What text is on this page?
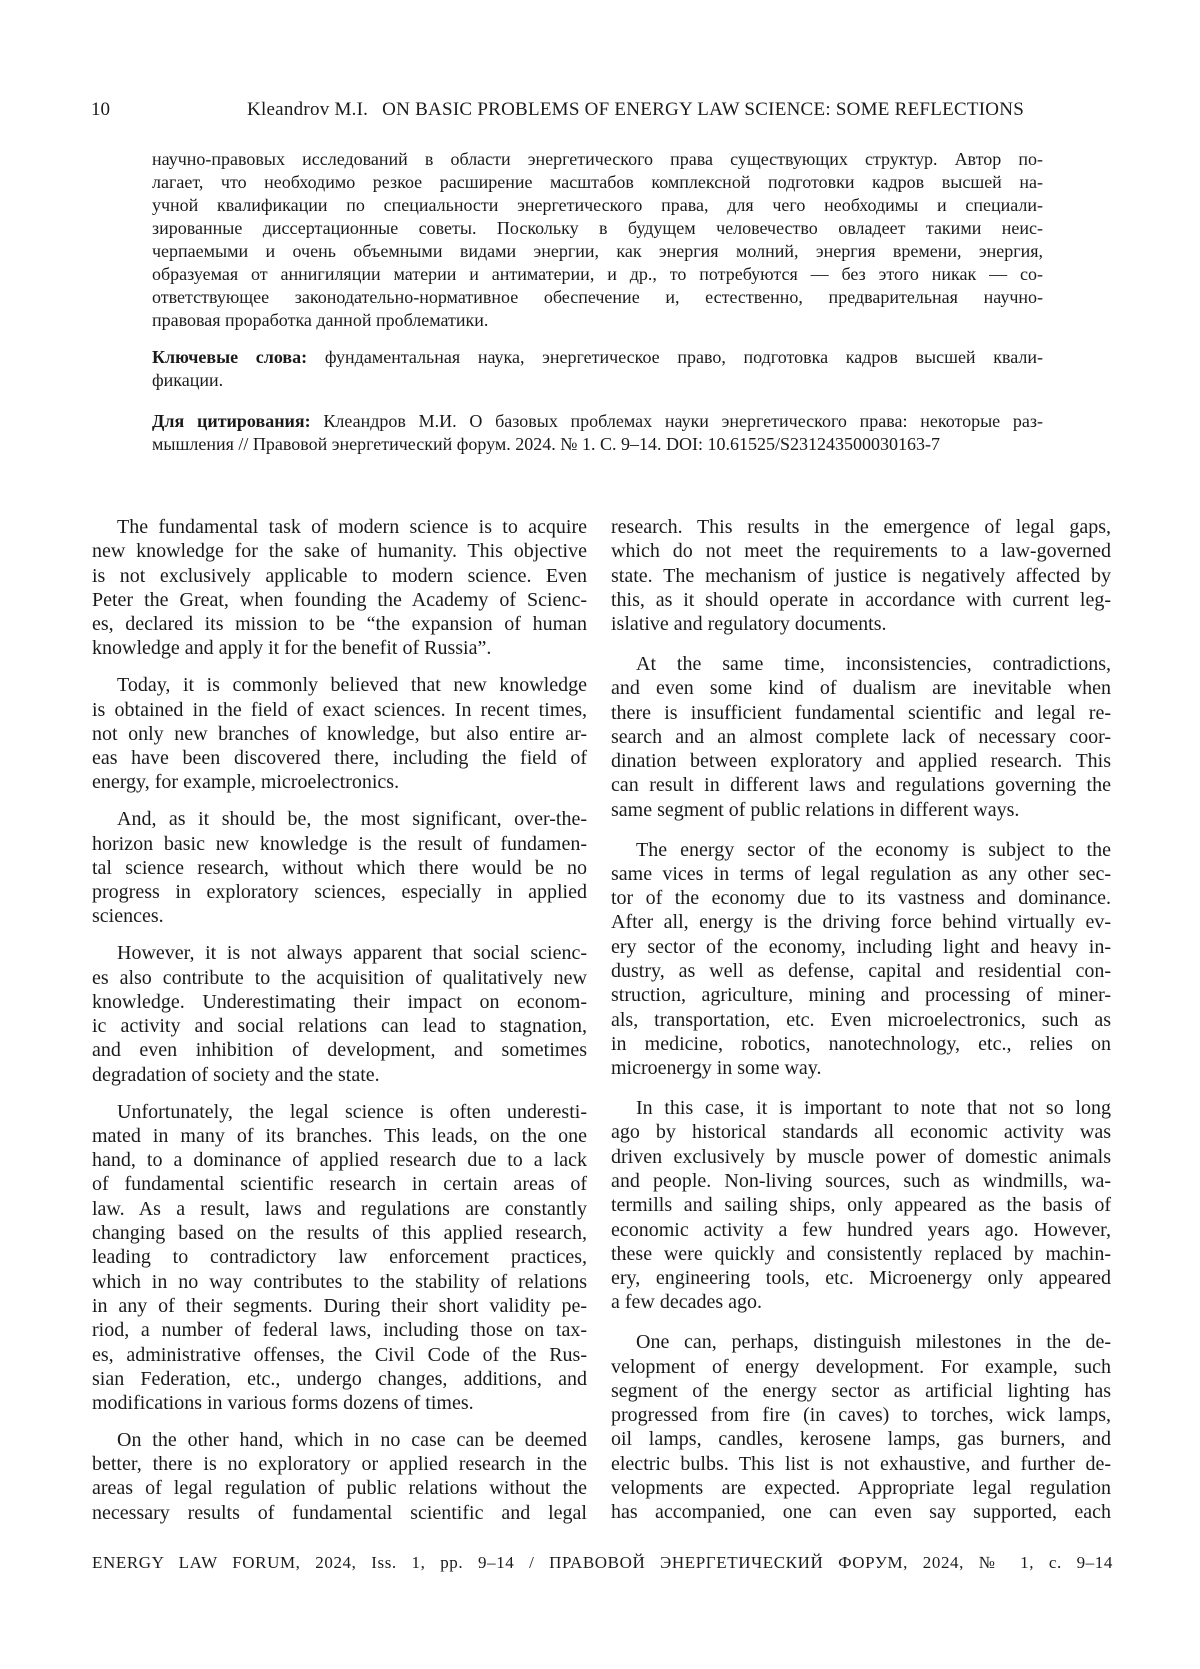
10	Kleandrov M.I. ON BASIC PROBLEMS OF ENERGY LAW SCIENCE: SOME REFLECTIONS
научно-правовых исследований в области энергетического права существующих структур. Автор по-
лагает, что необходимо резкое расширение масштабов комплексной подготовки кадров высшей на-
учной квалификации по специальности энергетического права, для чего необходимы и специали-
зированные диссертационные советы. Поскольку в будущем человечество овладеет такими неис-
черпаемыми и очень объемными видами энергии, как энергия молний, энергия времени, энергия,
образуемая от аннигиляции материи и антиматерии, и др., то потребуются — без этого никак — со-
ответствующее законодательно-нормативное обеспечение и, естественно, предварительная научно-
правовая проработка данной проблематики.
Ключевые слова: фундаментальная наука, энергетическое право, подготовка кадров высшей квали-
фикации.
Для цитирования: Клеандров М.И. О базовых проблемах науки энергетического права: некоторые раз-
мышления // Правовой энергетический форум. 2024. № 1. С. 9–14. DOI: 10.61525/S231243500030163-7
The fundamental task of modern science is to acquire
new knowledge for the sake of humanity. This objective
is not exclusively applicable to modern science. Even
Peter the Great, when founding the Academy of Scienc-
es, declared its mission to be “the expansion of human
knowledge and apply it for the benefit of Russia”.
Today, it is commonly believed that new knowledge
is obtained in the field of exact sciences. In recent times,
not only new branches of knowledge, but also entire ar-
eas have been discovered there, including the field of
energy, for example, microelectronics.
And, as it should be, the most significant, over-the-
horizon basic new knowledge is the result of fundamen-
tal science research, without which there would be no
progress in exploratory sciences, especially in applied
sciences.
However, it is not always apparent that social scienc-
es also contribute to the acquisition of qualitatively new
knowledge. Underestimating their impact on econom-
ic activity and social relations can lead to stagnation,
and even inhibition of development, and sometimes
degradation of society and the state.
Unfortunately, the legal science is often underesti-
mated in many of its branches. This leads, on the one
hand, to a dominance of applied research due to a lack
of fundamental scientific research in certain areas of
law. As a result, laws and regulations are constantly
changing based on the results of this applied research,
leading to contradictory law enforcement practices,
which in no way contributes to the stability of relations
in any of their segments. During their short validity pe-
riod, a number of federal laws, including those on tax-
es, administrative offenses, the Civil Code of the Rus-
sian Federation, etc., undergo changes, additions, and
modifications in various forms dozens of times.
On the other hand, which in no case can be deemed
better, there is no exploratory or applied research in the
areas of legal regulation of public relations without the
necessary results of fundamental scientific and legal
research. This results in the emergence of legal gaps,
which do not meet the requirements to a law-governed
state. The mechanism of justice is negatively affected by
this, as it should operate in accordance with current leg-
islative and regulatory documents.
At the same time, inconsistencies, contradictions,
and even some kind of dualism are inevitable when
there is insufficient fundamental scientific and legal re-
search and an almost complete lack of necessary coor-
dination between exploratory and applied research. This
can result in different laws and regulations governing the
same segment of public relations in different ways.
The energy sector of the economy is subject to the
same vices in terms of legal regulation as any other sec-
tor of the economy due to its vastness and dominance.
After all, energy is the driving force behind virtually ev-
ery sector of the economy, including light and heavy in-
dustry, as well as defense, capital and residential con-
struction, agriculture, mining and processing of miner-
als, transportation, etc. Even microelectronics, such as
in medicine, robotics, nanotechnology, etc., relies on
microenergy in some way.
In this case, it is important to note that not so long
ago by historical standards all economic activity was
driven exclusively by muscle power of domestic animals
and people. Non-living sources, such as windmills, wa-
termills and sailing ships, only appeared as the basis of
economic activity a few hundred years ago. However,
these were quickly and consistently replaced by machin-
ery, engineering tools, etc. Microenergy only appeared
a few decades ago.
One can, perhaps, distinguish milestones in the de-
velopment of energy development. For example, such
segment of the energy sector as artificial lighting has
progressed from fire (in caves) to torches, wick lamps,
oil lamps, candles, kerosene lamps, gas burners, and
electric bulbs. This list is not exhaustive, and further de-
velopments are expected. Appropriate legal regulation
has accompanied, one can even say supported, each
ENERGY LAW FORUM, 2024, Iss. 1, pp. 9–14 / ПРАВОВОЙ ЭНЕРГЕТИЧЕСКИЙ ФОРУМ, 2024, № 1, с. 9–14
